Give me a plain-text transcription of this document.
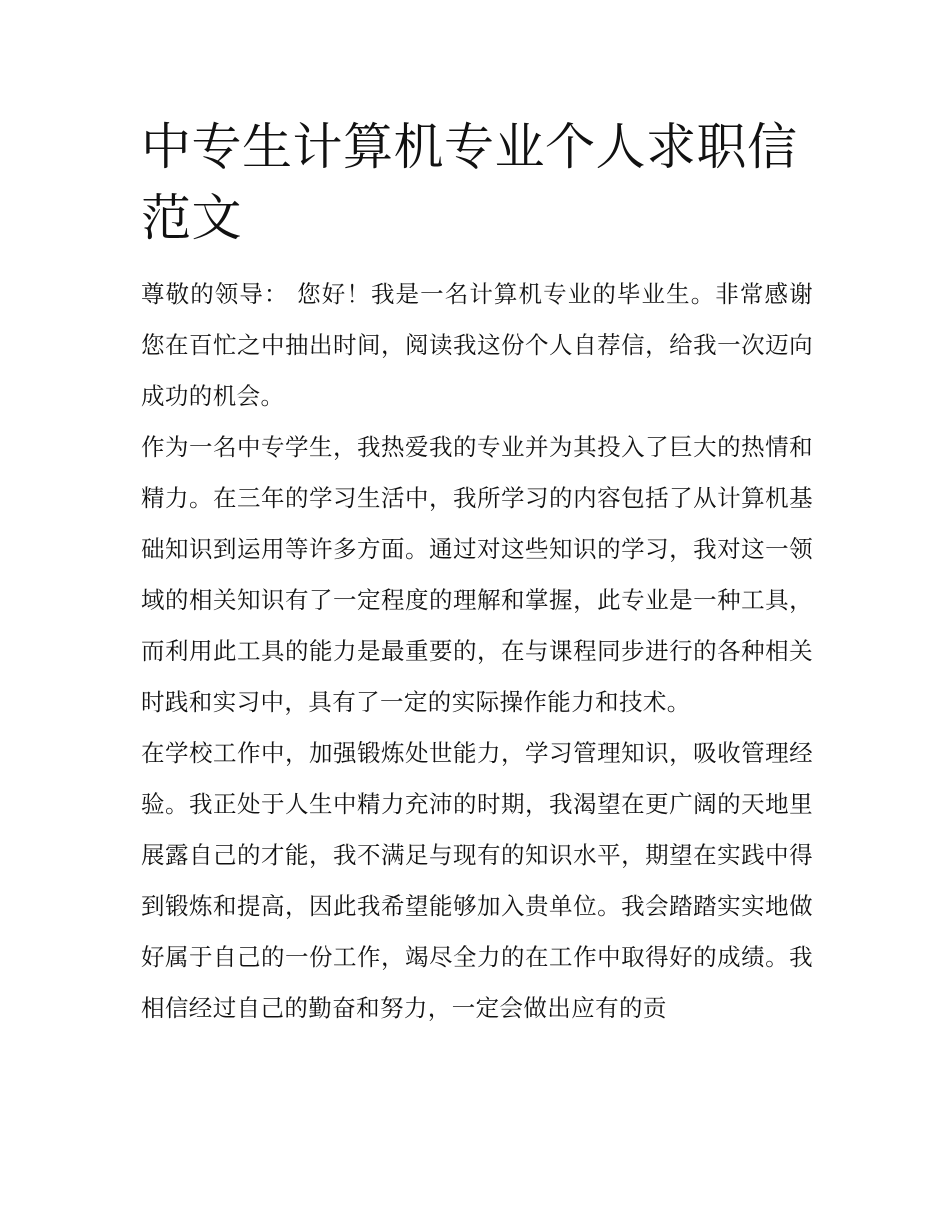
中专生计算机专业个人求职信范文

尊敬的领导： 您好！我是一名计算机专业的毕业生。非常感谢您在百忙之中抽出时间，阅读我这份个人自荐信，给我一次迈向成功的机会。

作为一名中专学生，我热爱我的专业并为其投入了巨大的热情和精力。在三年的学习生活中，我所学习的内容包括了从计算机基础知识到运用等许多方面。通过对这些知识的学习，我对这一领域的相关知识有了一定程度的理解和掌握，此专业是一种工具，而利用此工具的能力是最重要的，在与课程同步进行的各种相关时践和实习中，具有了一定的实际操作能力和技术。

在学校工作中，加强锻炼处世能力，学习管理知识，吸收管理经验。我正处于人生中精力充沛的时期，我渴望在更广阔的天地里展露自己的才能，我不满足与现有的知识水平，期望在实践中得到锻炼和提高，因此我希望能够加入贵单位。我会踏踏实实地做好属于自己的一份工作，竭尽全力的在工作中取得好的成绩。我相信经过自己的勤奋和努力，一定会做出应有的贡
